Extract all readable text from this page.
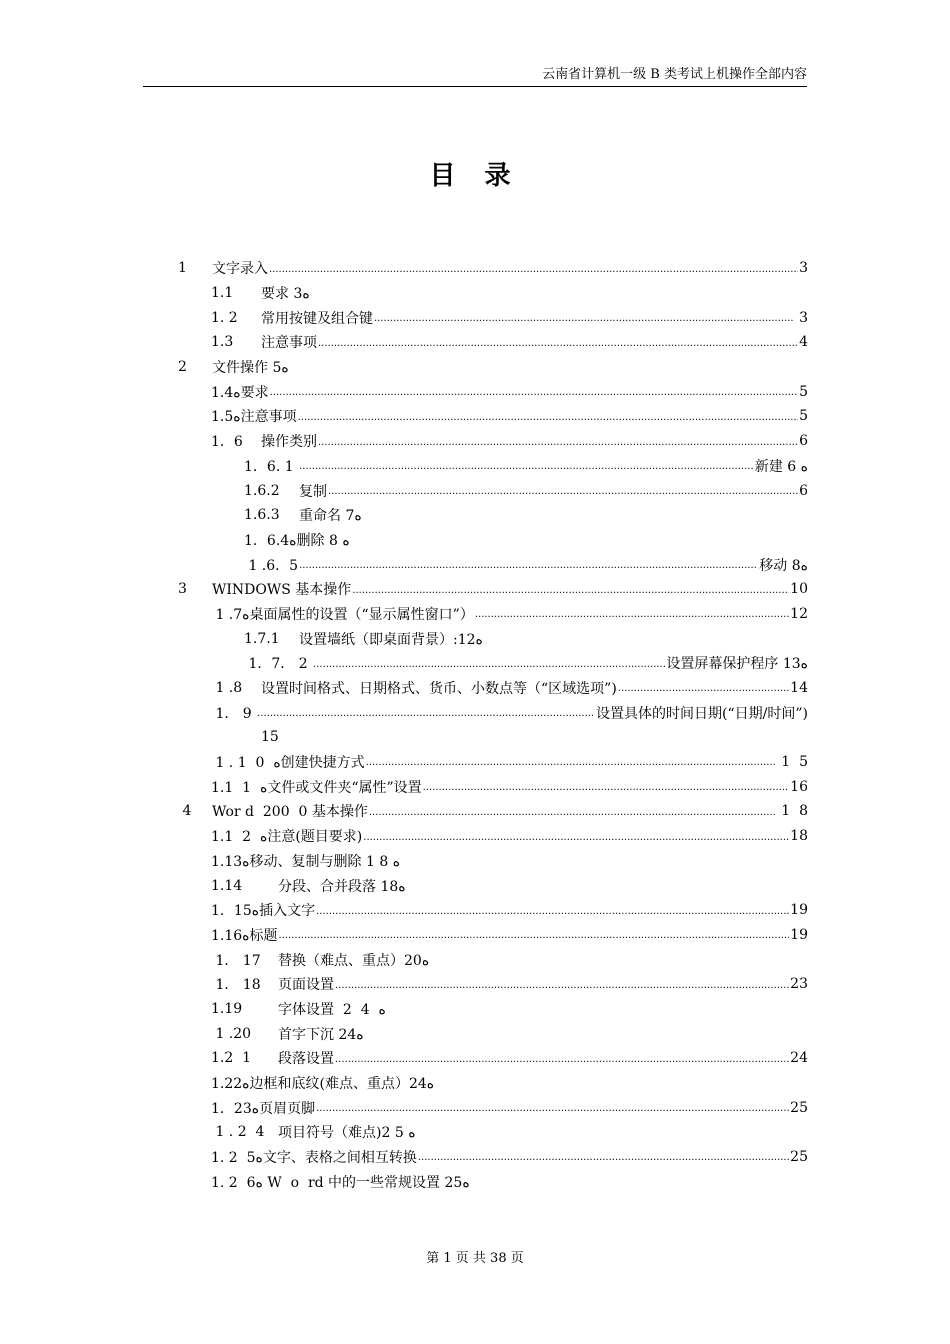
云南省计算机一级 B 类考试上机操作全部内容
目 录
1	文字录入 .....	3
1.1	要求 3ه
1. 2	常用按键及组合键 .....	3
1.3	注意事项 .....	4
2	文件操作 5ه
1.4ه要求 .....	5
1.5ه注意事项 .....	5
1．6	操作类别 .....	6
1．6. 1 .....	新建 6 ه
1.6.2	复制 .....	6
1.6.3	重命名 7ه
1．6.4ه删除 8 ه
1 .6．5 .....	移动 8ه
3	WINDOWS 基本操作 .....	10
1 .7ه桌面属性的设置（“显示属性窗口”） .....	12
1.7.1	设置墙纸（即桌面背景）:12ه
1．7． 2 .....	设置屏幕保护程序 13ه
1 .8	设置时间格式、日期格式、货币、小数点等（“区域选项”) .....	14
1． 9 .....	设置具体的时间日期(“日期/时间”)
15
1 . 1  0  ه创建快捷方式 .....	1  5
1.1  1  ه文件或文件夹“属性”设置 .....	16
4	Wor d  200  0 基本操作 .....	1  8
1.1  2  ه注意(题目要求) .....	18
1.13ه移动、复制与删除 1 8 ه
1.14	分段、合并段落 18ه
1．15ه插入文字 .....	19
1.16ه标题 .....	19
1． 17	替换（难点、重点）20ه
1． 18	页面设置 .....	23
1.19	字体设置  2  4  ه
1 .20	首字下沉 24ه
1.2  1	段落设置 .....	24
1.22ه边框和底纹(难点、重点）24ه
1．23ه页眉页脚 .....	25
1 . 2  4 项目符号（难点)2 5 ه
1. 2  5ه文字、表格之间相互转换 .....	25
1. 2  6ه W  o  rd 中的一些常规设置 25ه
第 1 页 共 38 页
